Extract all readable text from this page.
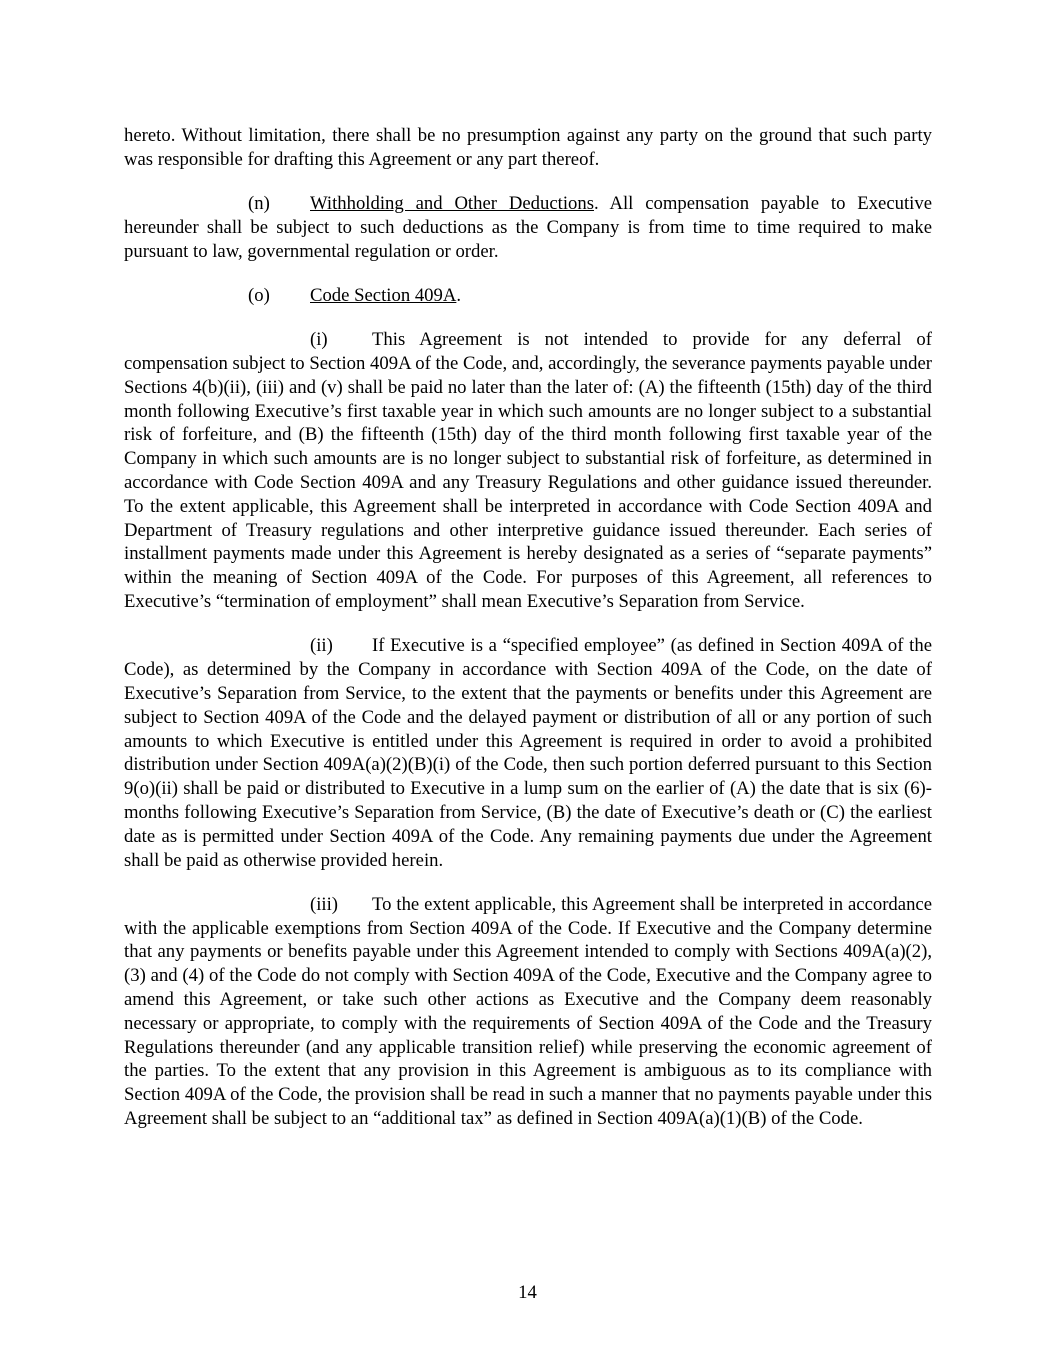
hereto. Without limitation, there shall be no presumption against any party on the ground that such party was responsible for drafting this Agreement or any part thereof.

(n) Withholding and Other Deductions. All compensation payable to Executive hereunder shall be subject to such deductions as the Company is from time to time required to make pursuant to law, governmental regulation or order.

(o) Code Section 409A.

(i) This Agreement is not intended to provide for any deferral of compensation subject to Section 409A of the Code, and, accordingly, the severance payments payable under Sections 4(b)(ii), (iii) and (v) shall be paid no later than the later of: (A) the fifteenth (15th) day of the third month following Executive’s first taxable year in which such amounts are no longer subject to a substantial risk of forfeiture, and (B) the fifteenth (15th) day of the third month following first taxable year of the Company in which such amounts are is no longer subject to substantial risk of forfeiture, as determined in accordance with Code Section 409A and any Treasury Regulations and other guidance issued thereunder. To the extent applicable, this Agreement shall be interpreted in accordance with Code Section 409A and Department of Treasury regulations and other interpretive guidance issued thereunder. Each series of installment payments made under this Agreement is hereby designated as a series of “separate payments” within the meaning of Section 409A of the Code. For purposes of this Agreement, all references to Executive’s “termination of employment” shall mean Executive’s Separation from Service.

(ii) If Executive is a “specified employee” (as defined in Section 409A of the Code), as determined by the Company in accordance with Section 409A of the Code, on the date of Executive’s Separation from Service, to the extent that the payments or benefits under this Agreement are subject to Section 409A of the Code and the delayed payment or distribution of all or any portion of such amounts to which Executive is entitled under this Agreement is required in order to avoid a prohibited distribution under Section 409A(a)(2)(B)(i) of the Code, then such portion deferred pursuant to this Section 9(o)(ii) shall be paid or distributed to Executive in a lump sum on the earlier of (A) the date that is six (6)-months following Executive’s Separation from Service, (B) the date of Executive’s death or (C) the earliest date as is permitted under Section 409A of the Code. Any remaining payments due under the Agreement shall be paid as otherwise provided herein.

(iii) To the extent applicable, this Agreement shall be interpreted in accordance with the applicable exemptions from Section 409A of the Code. If Executive and the Company determine that any payments or benefits payable under this Agreement intended to comply with Sections 409A(a)(2), (3) and (4) of the Code do not comply with Section 409A of the Code, Executive and the Company agree to amend this Agreement, or take such other actions as Executive and the Company deem reasonably necessary or appropriate, to comply with the requirements of Section 409A of the Code and the Treasury Regulations thereunder (and any applicable transition relief) while preserving the economic agreement of the parties. To the extent that any provision in this Agreement is ambiguous as to its compliance with Section 409A of the Code, the provision shall be read in such a manner that no payments payable under this Agreement shall be subject to an “additional tax” as defined in Section 409A(a)(1)(B) of the Code.

14
